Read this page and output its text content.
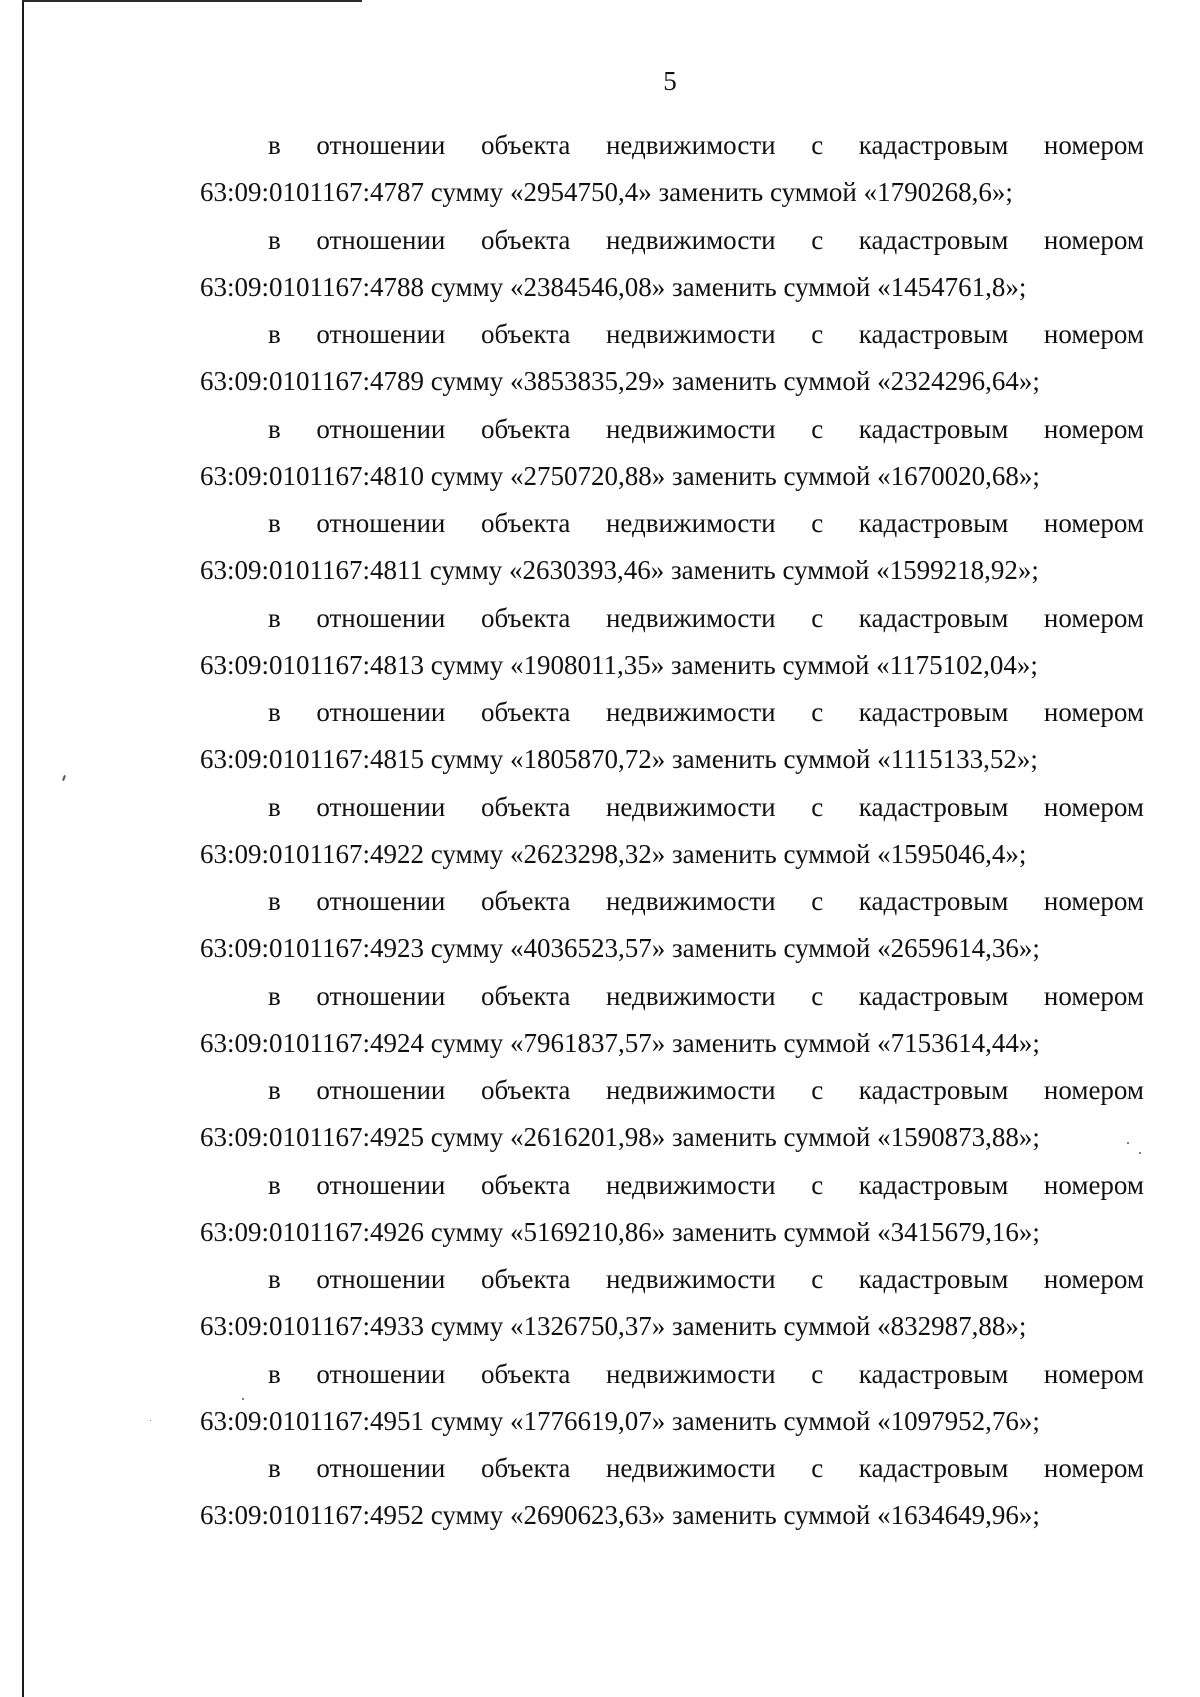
5
в отношении объекта недвижимости с кадастровым номером
63:09:0101167:4787 сумму «2954750,4» заменить суммой «1790268,6»;
в отношении объекта недвижимости с кадастровым номером
63:09:0101167:4788 сумму «2384546,08» заменить суммой «1454761,8»;
в отношении объекта недвижимости с кадастровым номером
63:09:0101167:4789 сумму «3853835,29» заменить суммой «2324296,64»;
в отношении объекта недвижимости с кадастровым номером
63:09:0101167:4810 сумму «2750720,88» заменить суммой «1670020,68»;
в отношении объекта недвижимости с кадастровым номером
63:09:0101167:4811 сумму «2630393,46» заменить суммой «1599218,92»;
в отношении объекта недвижимости с кадастровым номером
63:09:0101167:4813 сумму «1908011,35» заменить суммой «1175102,04»;
в отношении объекта недвижимости с кадастровым номером
63:09:0101167:4815 сумму «1805870,72» заменить суммой «1115133,52»;
в отношении объекта недвижимости с кадастровым номером
63:09:0101167:4922 сумму «2623298,32» заменить суммой «1595046,4»;
в отношении объекта недвижимости с кадастровым номером
63:09:0101167:4923 сумму «4036523,57» заменить суммой «2659614,36»;
в отношении объекта недвижимости с кадастровым номером
63:09:0101167:4924 сумму «7961837,57» заменить суммой «7153614,44»;
в отношении объекта недвижимости с кадастровым номером
63:09:0101167:4925 сумму «2616201,98» заменить суммой «1590873,88»;
в отношении объекта недвижимости с кадастровым номером
63:09:0101167:4926 сумму «5169210,86» заменить суммой «3415679,16»;
в отношении объекта недвижимости с кадастровым номером
63:09:0101167:4933 сумму «1326750,37» заменить суммой «832987,88»;
в отношении объекта недвижимости с кадастровым номером
63:09:0101167:4951 сумму «1776619,07» заменить суммой «1097952,76»;
в отношении объекта недвижимости с кадастровым номером
63:09:0101167:4952 сумму «2690623,63» заменить суммой «1634649,96»;
